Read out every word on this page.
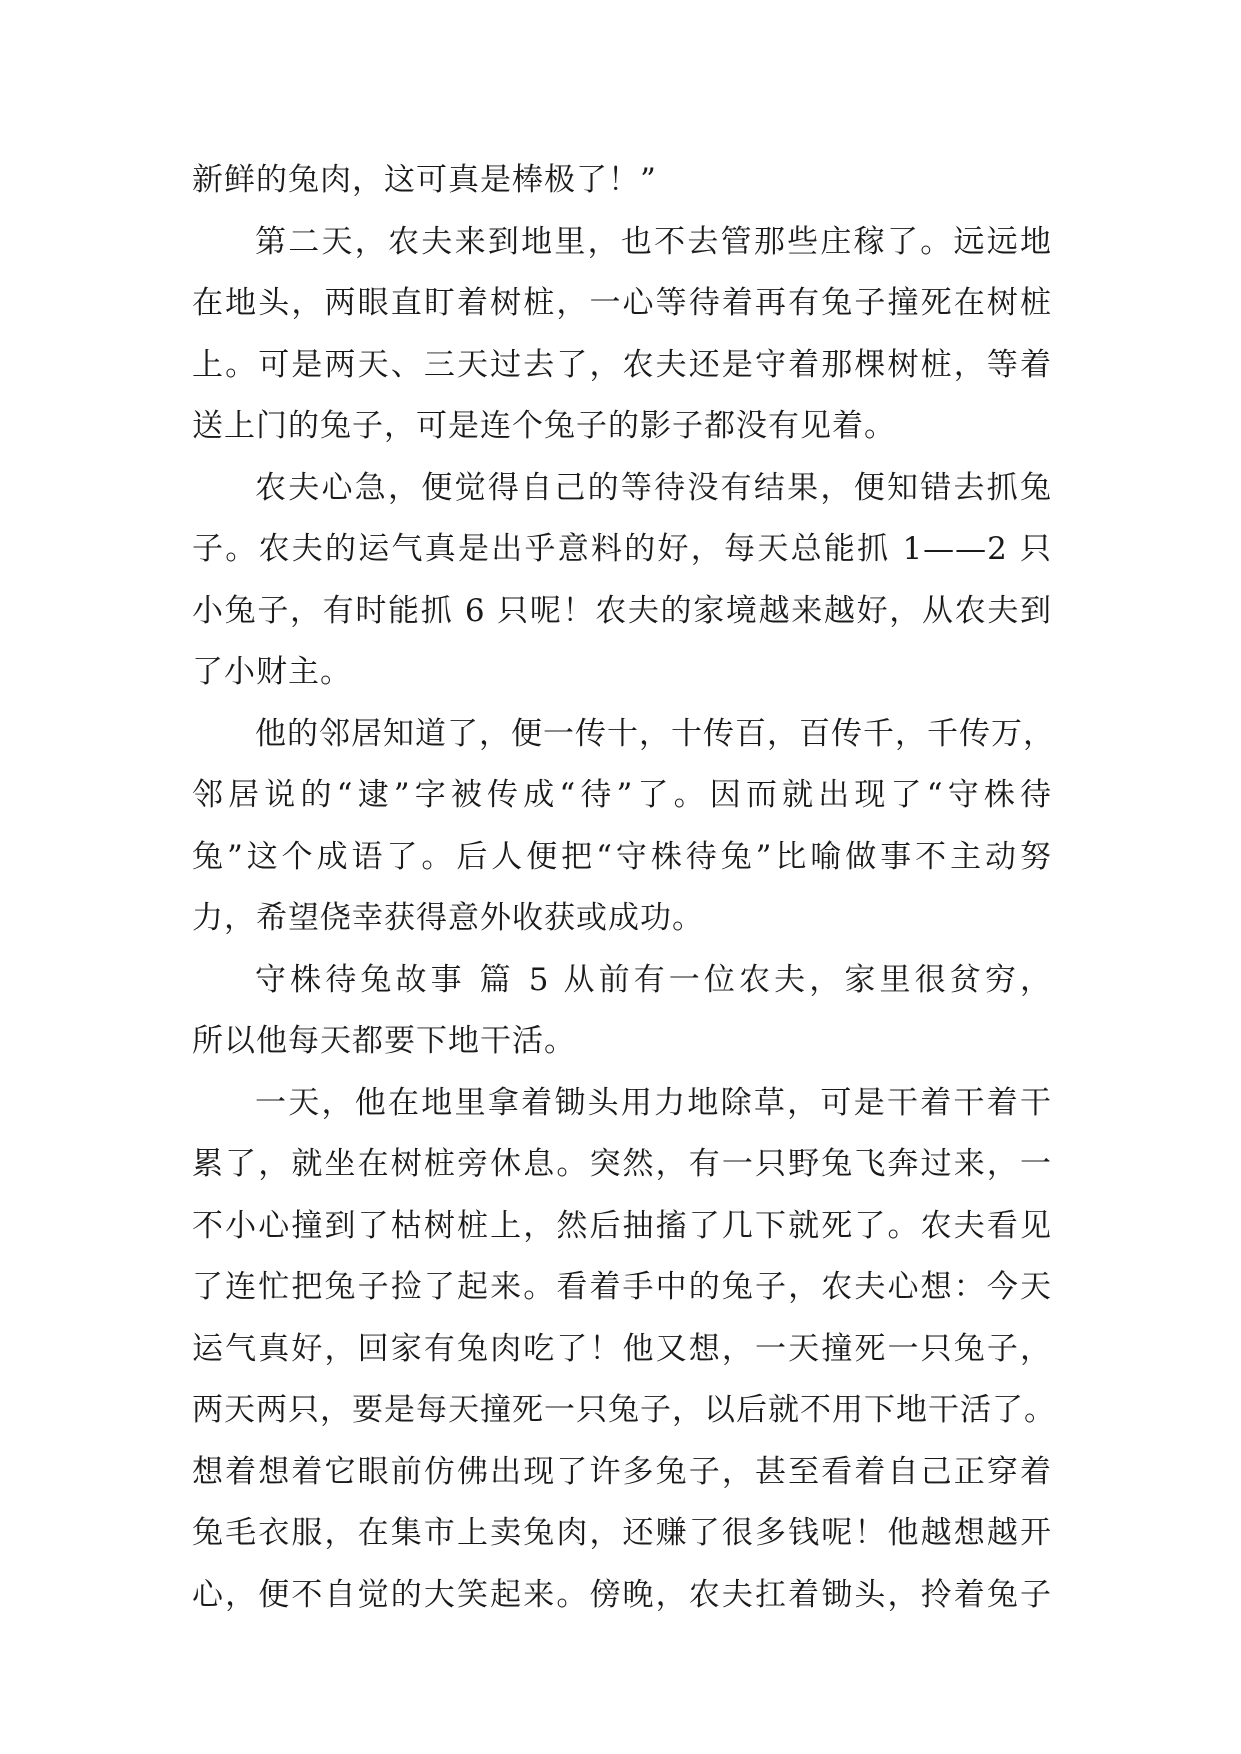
新鲜的兔肉，这可真是棒极了！”
第二天，农夫来到地里，也不去管那些庄稼了。远远地
在地头，两眼直盯着树桩，一心等待着再有兔子撞死在树桩
上。可是两天、三天过去了，农夫还是守着那棵树桩，等着
送上门的兔子，可是连个兔子的影子都没有见着。
农夫心急，便觉得自己的等待没有结果，便知错去抓兔
子。农夫的运气真是出乎意料的好，每天总能抓 1——2 只
小兔子，有时能抓 6 只呢！农夫的家境越来越好，从农夫到
了小财主。
他的邻居知道了，便一传十，十传百，百传千，千传万，
邻居说的“逮”字被传成“待”了。因而就出现了“守株待
兔”这个成语了。后人便把“守株待兔”比喻做事不主动努
力，希望侥幸获得意外收获或成功。
守株待兔故事 篇 5 从前有一位农夫，家里很贫穷，
所以他每天都要下地干活。
一天，他在地里拿着锄头用力地除草，可是干着干着干
累了，就坐在树桩旁休息。突然，有一只野兔飞奔过来，一
不小心撞到了枯树桩上，然后抽搐了几下就死了。农夫看见
了连忙把兔子捡了起来。看着手中的兔子，农夫心想：今天
运气真好，回家有兔肉吃了！他又想，一天撞死一只兔子，
两天两只，要是每天撞死一只兔子，以后就不用下地干活了。
想着想着它眼前仿佛出现了许多兔子，甚至看着自己正穿着
兔毛衣服，在集市上卖兔肉，还赚了很多钱呢！他越想越开
心，便不自觉的大笑起来。傍晚，农夫扛着锄头，拎着兔子
